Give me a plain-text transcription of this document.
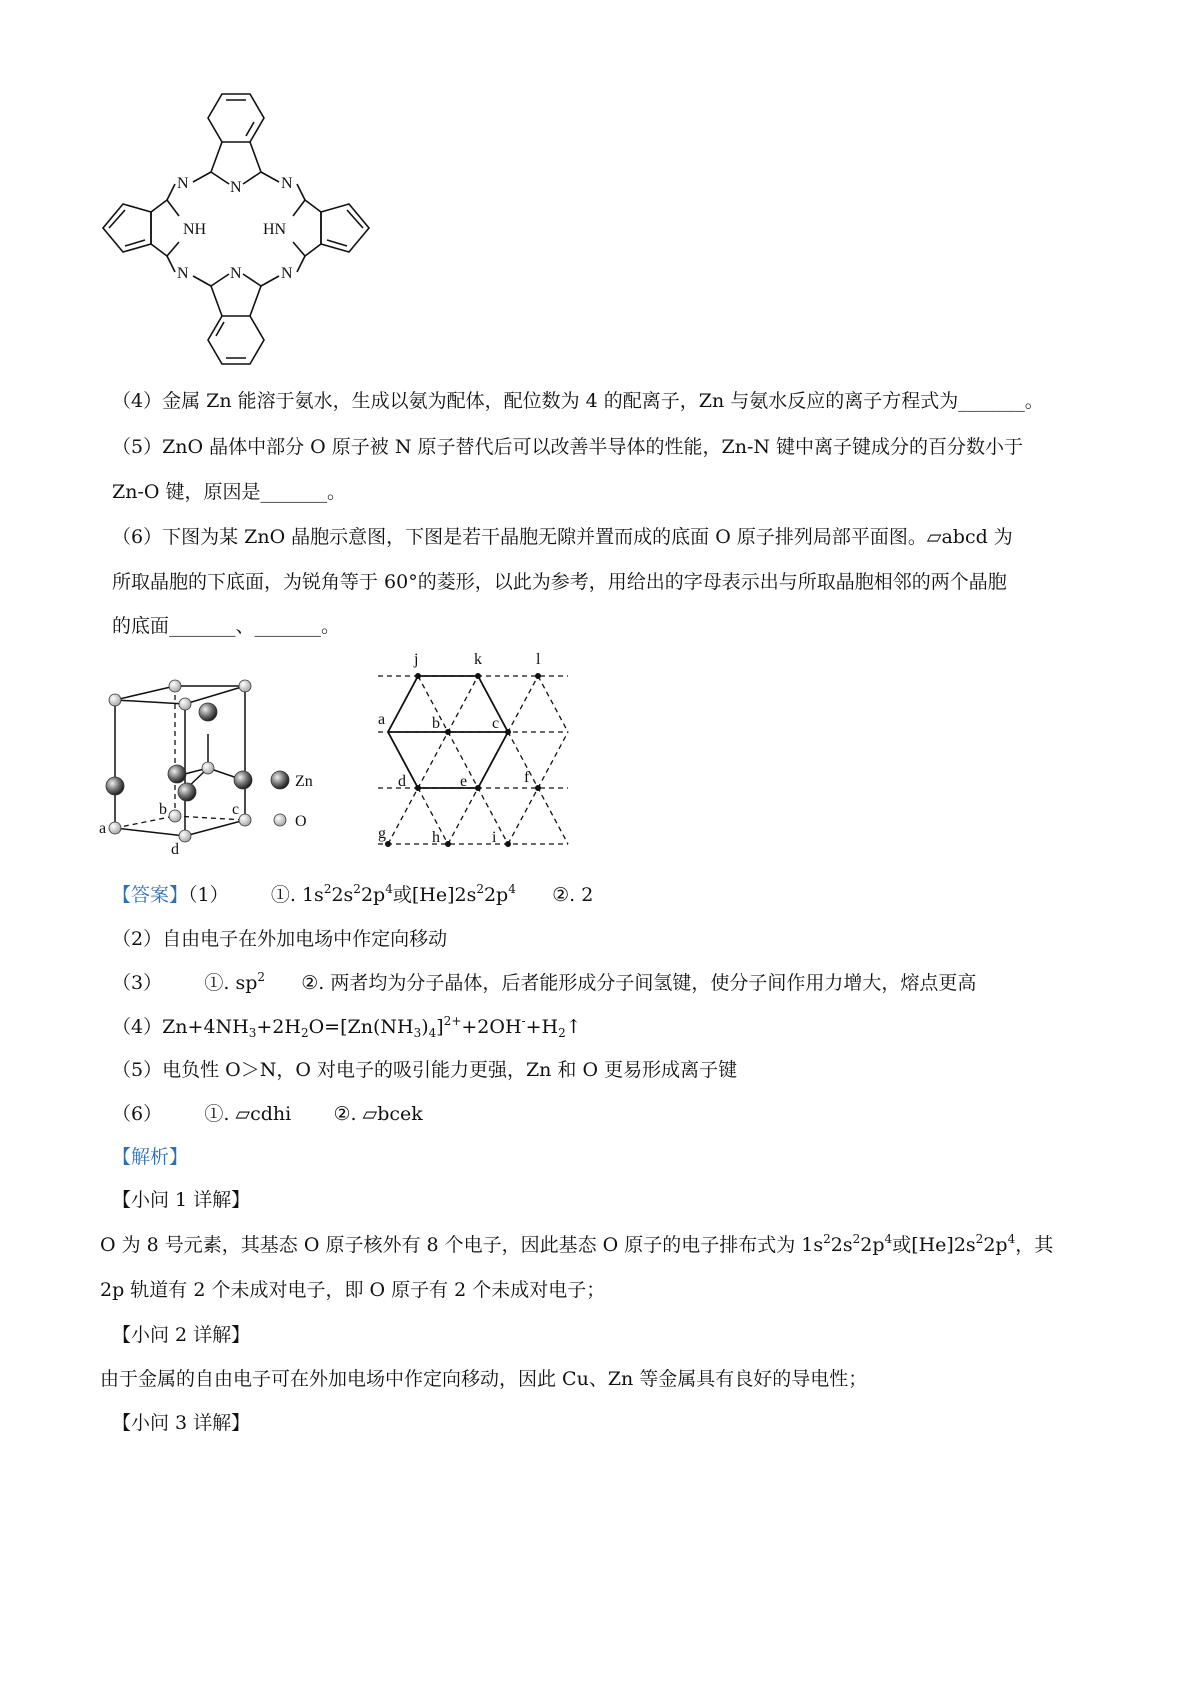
N	N N
NH	HN
N	N N
（4）金属 Zn 能溶于氨水，生成以氨为配体，配位数为 4 的配离子，Zn 与氨水反应的离子方程式为_______。
（5）ZnO 晶体中部分 O 原子被 N 原子替代后可以改善半导体的性能，Zn-N 键中离子键成分的百分数小于
Zn-O 键，原因是_______。
（6）下图为某 ZnO 晶胞示意图，下图是若干晶胞无隙并置而成的底面 O 原子排列局部平面图。▱abcd 为
所取晶胞的下底面，为锐角等于 60°的菱形，以此为参考，用给出的字母表示出与所取晶胞相邻的两个晶胞
的底面_______、_______。
a
b	c
d
Zn
O
j	k	l
a	b	c
d	e	f
g	h	i
【答案】（1） ①. $1s^22s^22p^4$或$[He]2s^22p^4$ ②. 2
（2）自由电子在外加电场中作定向移动
（3） ①. $sp^2$ ②. 两者均为分子晶体，后者能形成分子间氢键，使分子间作用力增大，熔点更高
$(4)Zn+4NH_3+2H_2O=[Zn(NH_3)_4]^{2+}+2OH^-+H_2↑$
（5）电负性 O＞N，O 对电子的吸引能力更强，Zn 和 O 更易形成离子键
（6） ①. ▱cdhi ②. ▱bcek
【解析】
【小问 1 详解】
O 为 8 号元素，其基态 O 原子核外有 8 个电子，因此基态 O 原子的电子排布式为 $1s^22s^22p^4$或$[He]2s^22p^4$，其
2p 轨道有 2 个未成对电子，即 O 原子有 2 个未成对电子；
【小问 2 详解】
由于金属的自由电子可在外加电场中作定向移动，因此 Cu、Zn 等金属具有良好的导电性；
【小问 3 详解】
